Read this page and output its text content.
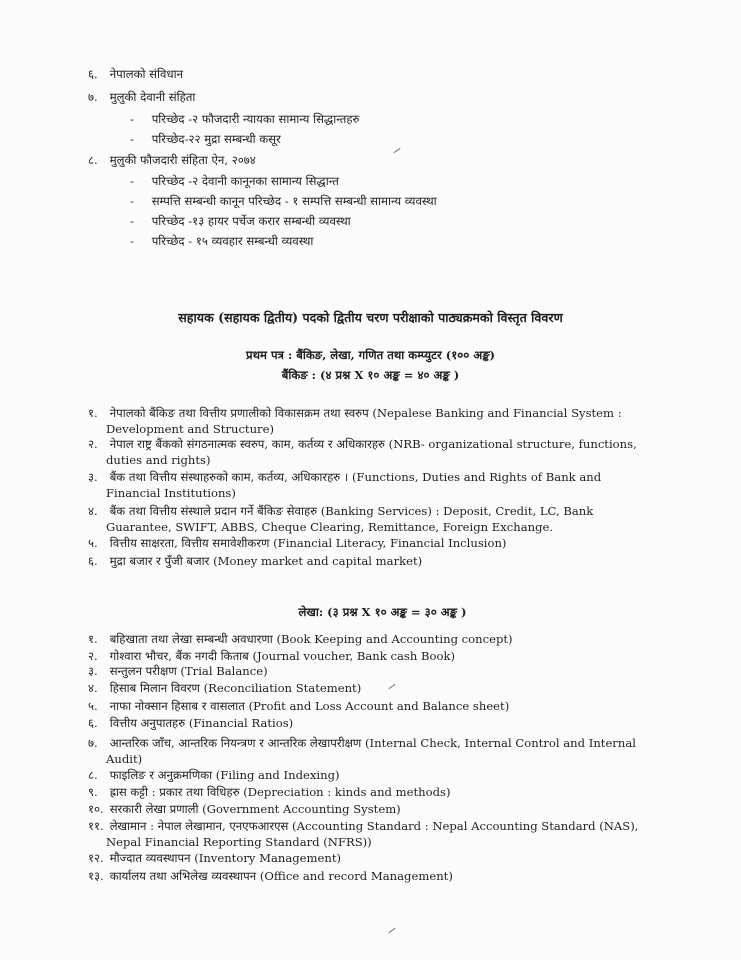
६. नेपालको संविधान
७. मुलुकी देवानी संहिता
- परिच्छेद -२ फौजदारी न्यायका सामान्य सिद्धान्तहरु
- परिच्छेद-२२ मुद्रा सम्बन्धी कसूर
८. मुलुकी फौजदारी संहिता ऐन, २०७४
- परिच्छेद -२ देवानी कानूनका सामान्य सिद्धान्त
- सम्पत्ति सम्बन्धी कानून परिच्छेद - १ सम्पत्ति सम्बन्धी सामान्य व्यवस्था
- परिच्छेद -१३ हायर पर्चेज करार सम्बन्धी व्यवस्था
- परिच्छेद - १५ व्यवहार सम्बन्धी व्यवस्था
सहायक (सहायक द्वितीय) पदको द्वितीय चरण परीक्षाको पाठ्यक्रमको विस्तृत विवरण
प्रथम पत्र : बैंकिङ, लेखा, गणित तथा कम्प्युटर (१०० अङ्क)
बैंकिङ : (४ प्रश्न X १० अङ्क = ४० अङ्क )
१. नेपालको बैंकिङ तथा वित्तीय प्रणालीको विकासक्रम तथा स्वरुप (Nepalese Banking and Financial System :
Development and Structure)
२. नेपाल राष्ट्र बैंकको संगठनात्मक स्वरुप, काम, कर्तव्य र अधिकारहरु (NRB- organizational structure, functions,
duties and rights)
३. बैंक तथा वित्तीय संस्थाहरुको काम, कर्तव्य, अधिकारहरु । (Functions, Duties and Rights of Bank and
Financial Institutions)
४. बैंक तथा वित्तीय संस्थाले प्रदान गर्ने बैंकिङ सेवाहरु (Banking Services) : Deposit, Credit, LC, Bank
Guarantee, SWIFT, ABBS, Cheque Clearing, Remittance, Foreign Exchange.
५. वित्तीय साक्षरता, वित्तीय समावेशीकरण (Financial Literacy, Financial Inclusion)
६. मुद्रा बजार र पुँजी बजार (Money market and capital market)
लेखा: (३ प्रश्न X १० अङ्क = ३० अङ्क )
१. बहिखाता तथा लेखा सम्बन्धी अवधारणा (Book Keeping and Accounting concept)
२. गोश्वारा भौचर, बैंक नगदी किताब (Journal voucher, Bank cash Book)
३. सन्तुलन परीक्षण (Trial Balance)
४. हिसाब मिलान विवरण (Reconciliation Statement)
५. नाफा नोक्सान हिसाब र वासलात (Profit and Loss Account and Balance sheet)
६. वित्तीय अनुपातहरु (Financial Ratios)
७. आन्तरिक जाँच, आन्तरिक नियन्त्रण र आन्तरिक लेखापरीक्षण (Internal Check, Internal Control and Internal
Audit)
८. फाइलिङ र अनुक्रमणिका (Filing and Indexing)
९. ह्रास कट्टी : प्रकार तथा विधिहरु (Depreciation : kinds and methods)
१०. सरकारी लेखा प्रणाली (Government Accounting System)
११. लेखामान : नेपाल लेखामान, एनएफआरएस (Accounting Standard : Nepal Accounting Standard (NAS),
Nepal Financial Reporting Standard (NFRS))
१२. मौज्दात व्यवस्थापन (Inventory Management)
१३. कार्यालय तथा अभिलेख व्यवस्थापन (Office and record Management)
